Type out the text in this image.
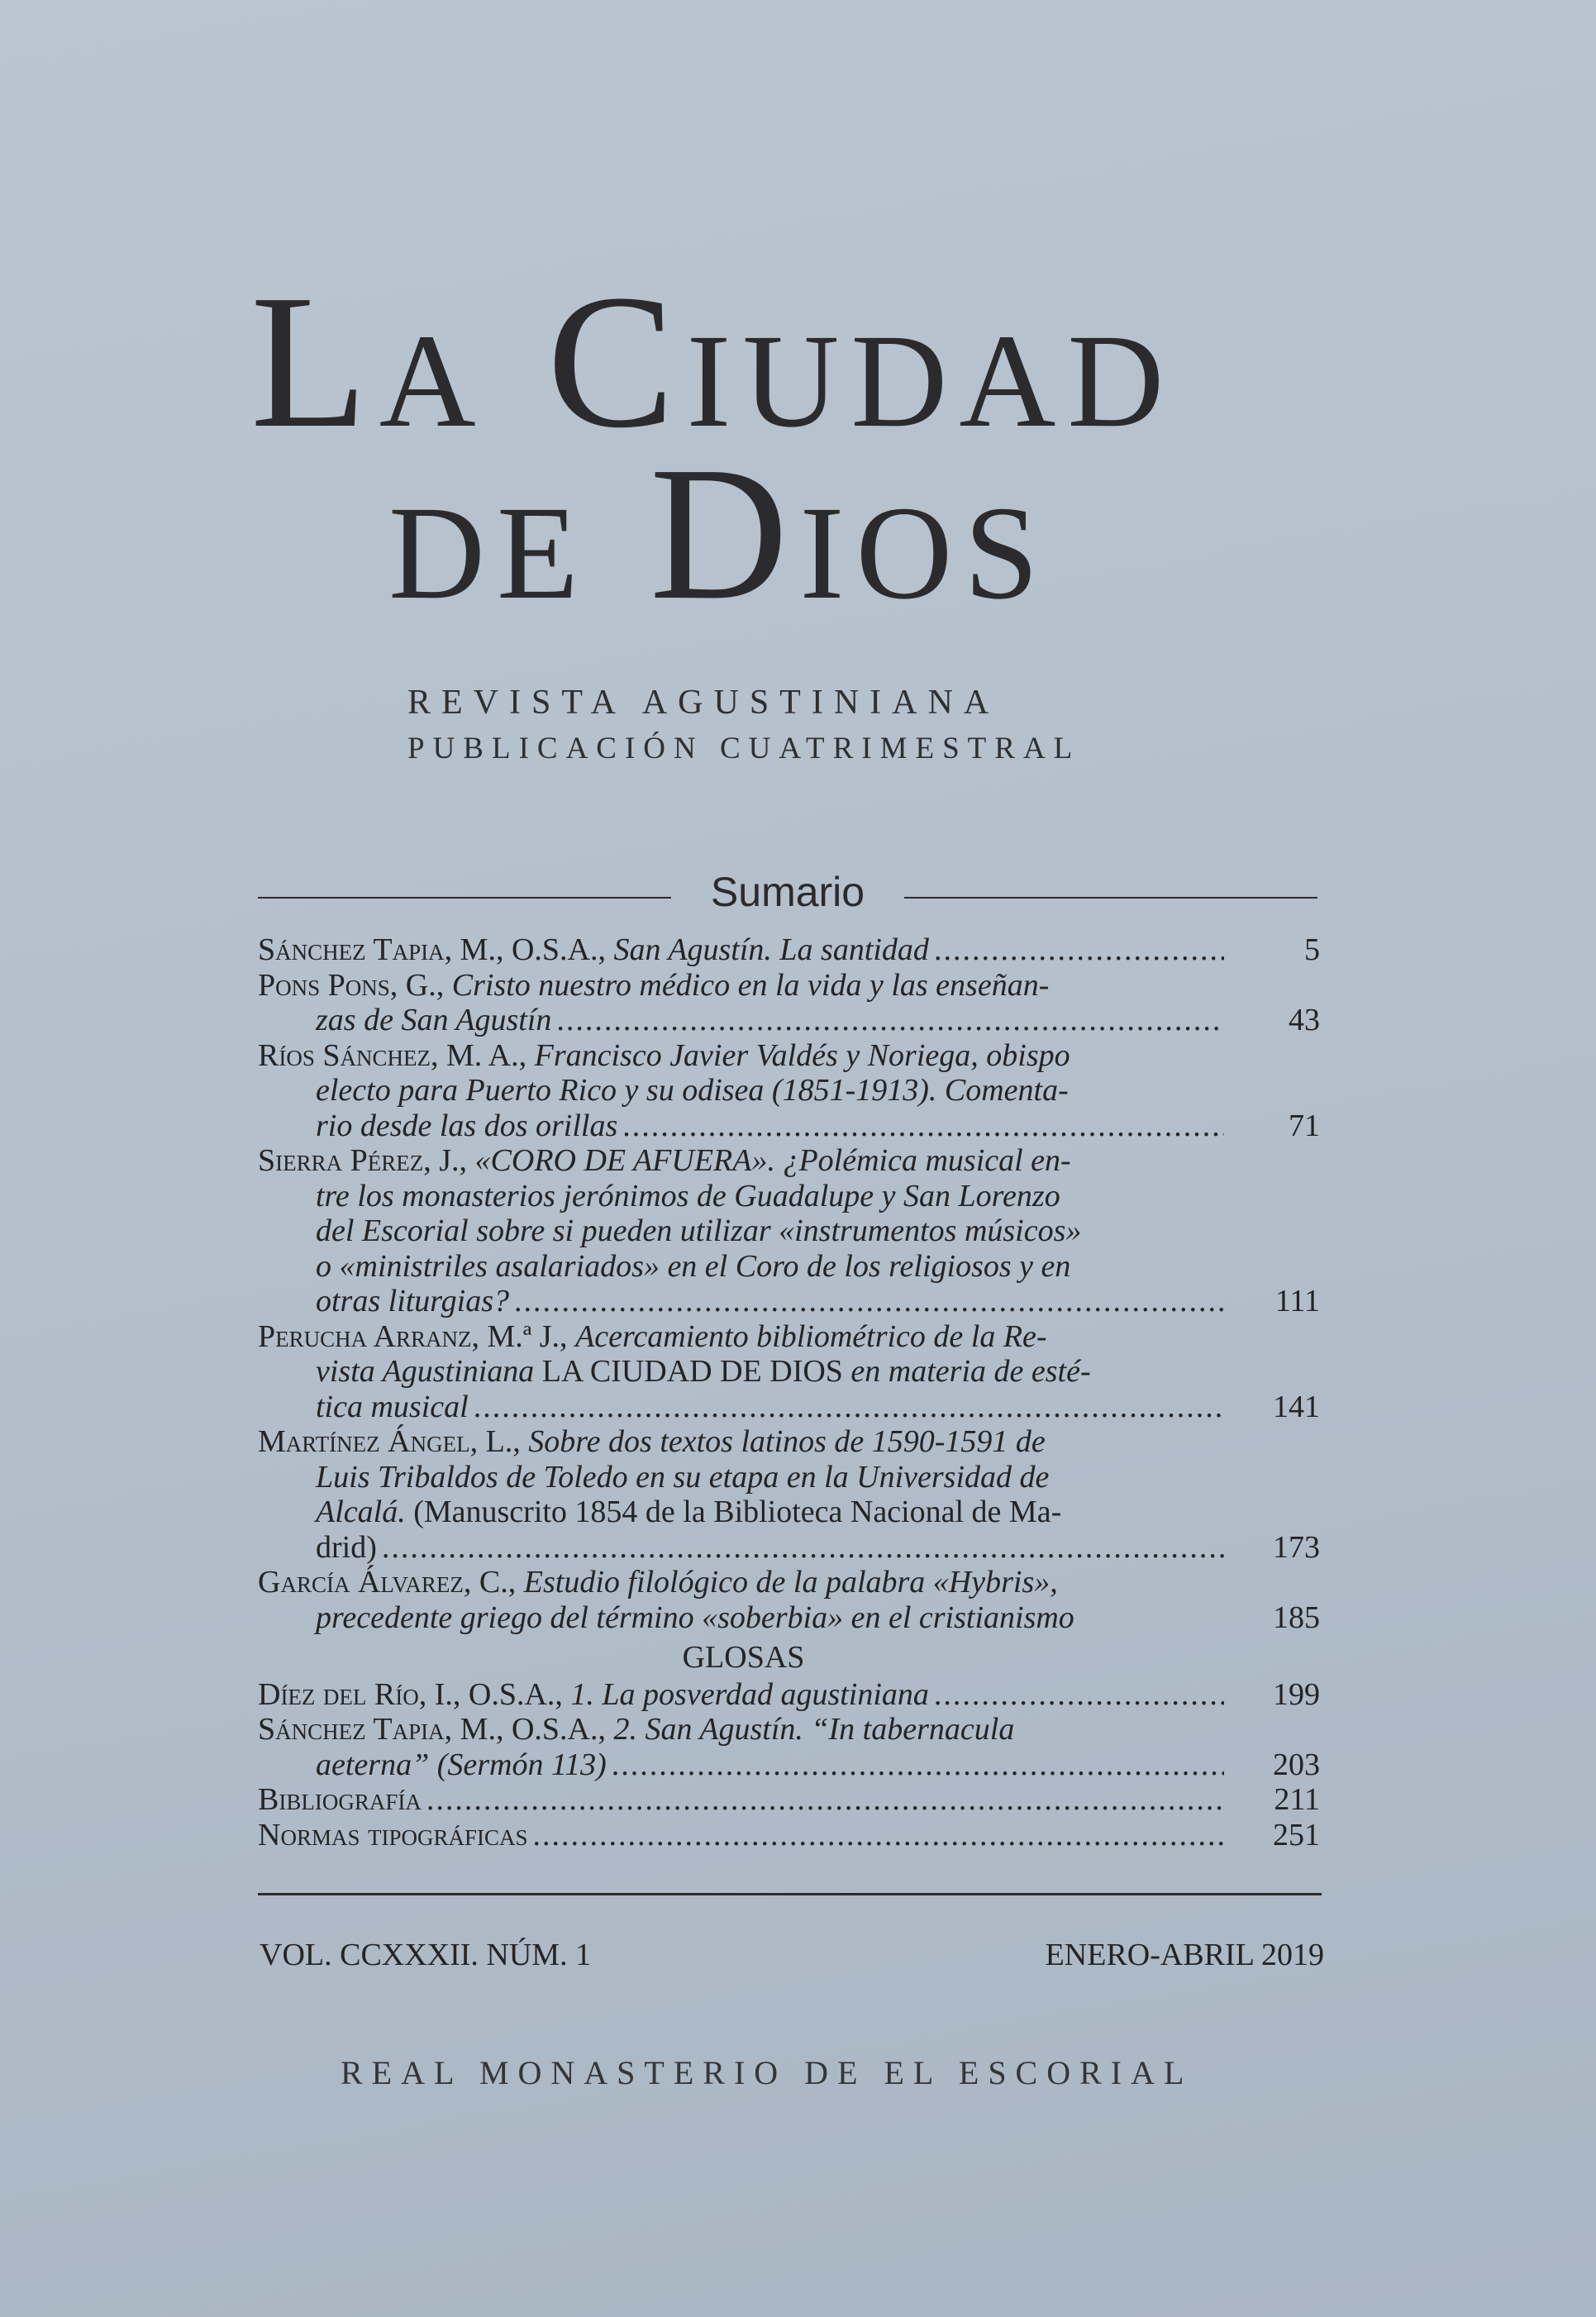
La Ciudad
de Dios
REVISTA AGUSTINIANA
PUBLICACIÓN CUATRIMESTRAL
Sumario
Sánchez Tapia, M., O.S.A., San Agustín. La santidad .....	5
Pons Pons, G., Cristo nuestro médico en la vida y las enseñan-
zas de San Agustín .....	43
Ríos Sánchez, M. A., Francisco Javier Valdés y Noriega, obispo
electo para Puerto Rico y su odisea (1851-1913). Comenta-
rio desde las dos orillas .....	71
Sierra Pérez, J., «CORO DE AFUERA». ¿Polémica musical en-
tre los monasterios jerónimos de Guadalupe y San Lorenzo
del Escorial sobre si pueden utilizar «instrumentos músicos»
o «ministriles asalariados» en el Coro de los religiosos y en
otras liturgias? .....	111
Perucha Arranz, M.ª J., Acercamiento bibliométrico de la Re-
vista Agustiniana LA CIUDAD DE DIOS en materia de esté-
tica musical .....	141
Martínez Ángel, L., Sobre dos textos latinos de 1590-1591 de
Luis Tribaldos de Toledo en su etapa en la Universidad de
Alcalá. (Manuscrito 1854 de la Biblioteca Nacional de Ma-
drid) .....	173
García Álvarez, C., Estudio filológico de la palabra «Hybris»,
precedente griego del término «soberbia» en el cristianismo	185
GLOSAS
Díez del Río, I., O.S.A., 1. La posverdad agustiniana .....	199
Sánchez Tapia, M., O.S.A., 2. San Agustín. “In tabernacula
aeterna” (Sermón 113) .....	203
Bibliografía .....	211
Normas tipográficas .....	251
VOL. CCXXXII. NÚM. 1	ENERO-ABRIL 2019
REAL MONASTERIO DE EL ESCORIAL
